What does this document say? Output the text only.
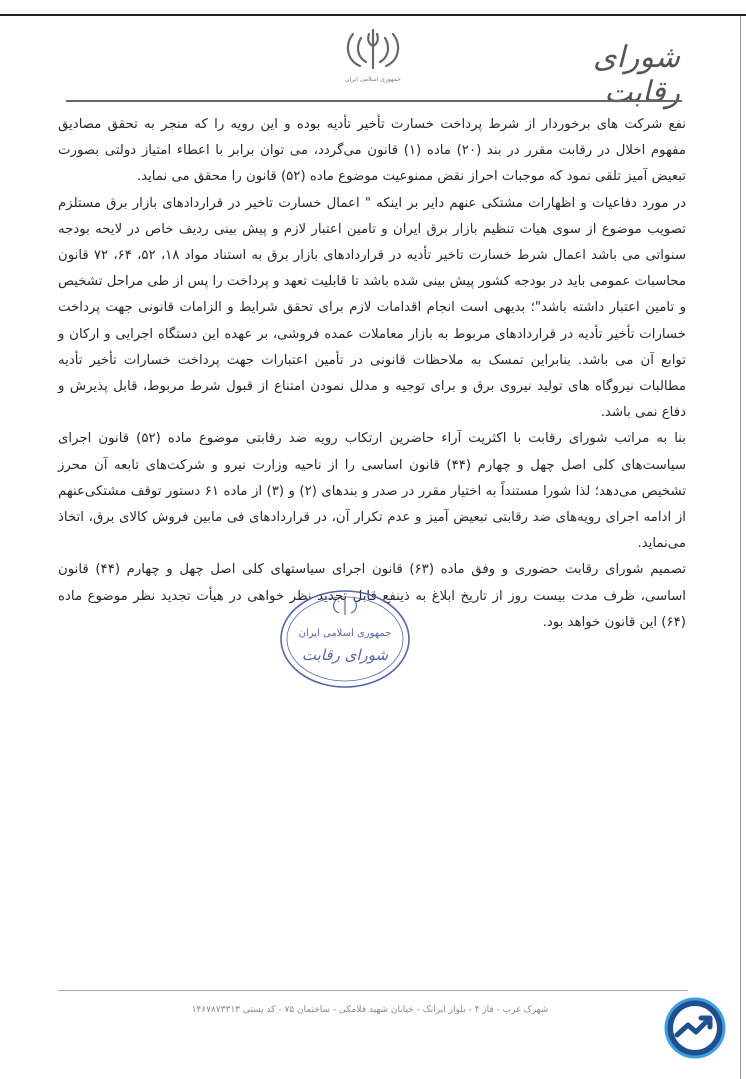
جمهوری اسلامی ایران
شورای رقابت

نفع شرکت های برخوردار از شرط پرداخت خسارت تأخیر تأدیه بوده و این رویه را که منجر به تحقق مصادیق مفهوم اخلال در رقابت مقرر در بند (۲۰) ماده (۱) قانون می‌گردد، می توان برابر با اعطاء امتیاز دولتی بصورت تبعیض آمیز تلقی نمود که موجبات احراز نقض ممنوعیت موضوع ماده (۵۲) قانون را محقق می نماید.

در مورد دفاعیات و اظهارات مشتکی عنهم دایر بر اینکه " اعمال خسارت تاخیر در قراردادهای بازار برق مستلزم تصویب موضوع از سوی هیات تنظیم بازار برق ایران و تامین اعتبار لازم و پیش بینی ردیف خاص در لایحه بودجه سنواتی می باشد اعمال شرط خسارت تاخیر تأدیه در قراردادهای بازار برق به استناد مواد ۱۸، ۵۲، ۶۴، ۷۲ قانون محاسبات عمومی باید در بودجه کشور پیش بینی شده باشد تا قابلیت تعهد و پرداخت را پس از طی مراحل تشخیص و تامین اعتبار داشته باشد"؛ بدیهی است انجام اقدامات لازم برای تحقق شرایط و الزامات قانونی جهت پرداخت خسارات تأخیر تأدیه در قراردادهای مربوط به بازار معاملات عمده فروشی، بر عهده این دستگاه اجرایی و ارکان و توابع آن می باشد. بنابراین تمسک به ملاحظات قانونی در تأمین اعتبارات جهت پرداخت خسارات تأخیر تأدیه مطالبات نیروگاه های تولید نیروی برق و برای توجیه و مدلل نمودن امتناع از قبول شرط مربوط، قابل پذیرش و دفاع نمی باشد.

بنا به مراتب شورای رقابت با اکثریت آراء حاضرین ارتکاب رویه ضد رقابتی موضوع ماده (۵۲) قانون اجرای سیاست‌های کلی اصل چهل و چهارم (۴۴) قانون اساسی را از ناحیه وزارت نیرو و شرکت‌های تابعه آن محرز تشخیص می‌دهد؛ لذا شورا مستنداً به اختیار مقرر در صدر و بندهای (۲) و (۳) از ماده ۶۱ دستور توقف مشتکی‌عنهم از ادامه اجرای رویه‌های ضد رقابتی تبعیض آمیز و عدم تکرار آن، در قراردادهای فی مابین فروش کالای برق، اتخاذ می‌نماید.

تصمیم شورای رقابت حضوری و وفق ماده (۶۳) قانون اجرای سیاستهای کلی اصل چهل و چهارم (۴۴) قانون اساسی، ظرف مدت بیست روز از تاریخ ابلاغ به ذینفع قابل تجدید نظر خواهی در هیأت تجدید نظر موضوع ماده (۶۴) این قانون خواهد بود.

جمهوری اسلامی ایران
شورای رقابت
شهرک غرب - فاز ۴ - بلوار ایرانک - خیابان شهید فلامکی - ساختمان ۷۵ - کد پستی ۱۴۶۷۸۷۳۳۱۳
